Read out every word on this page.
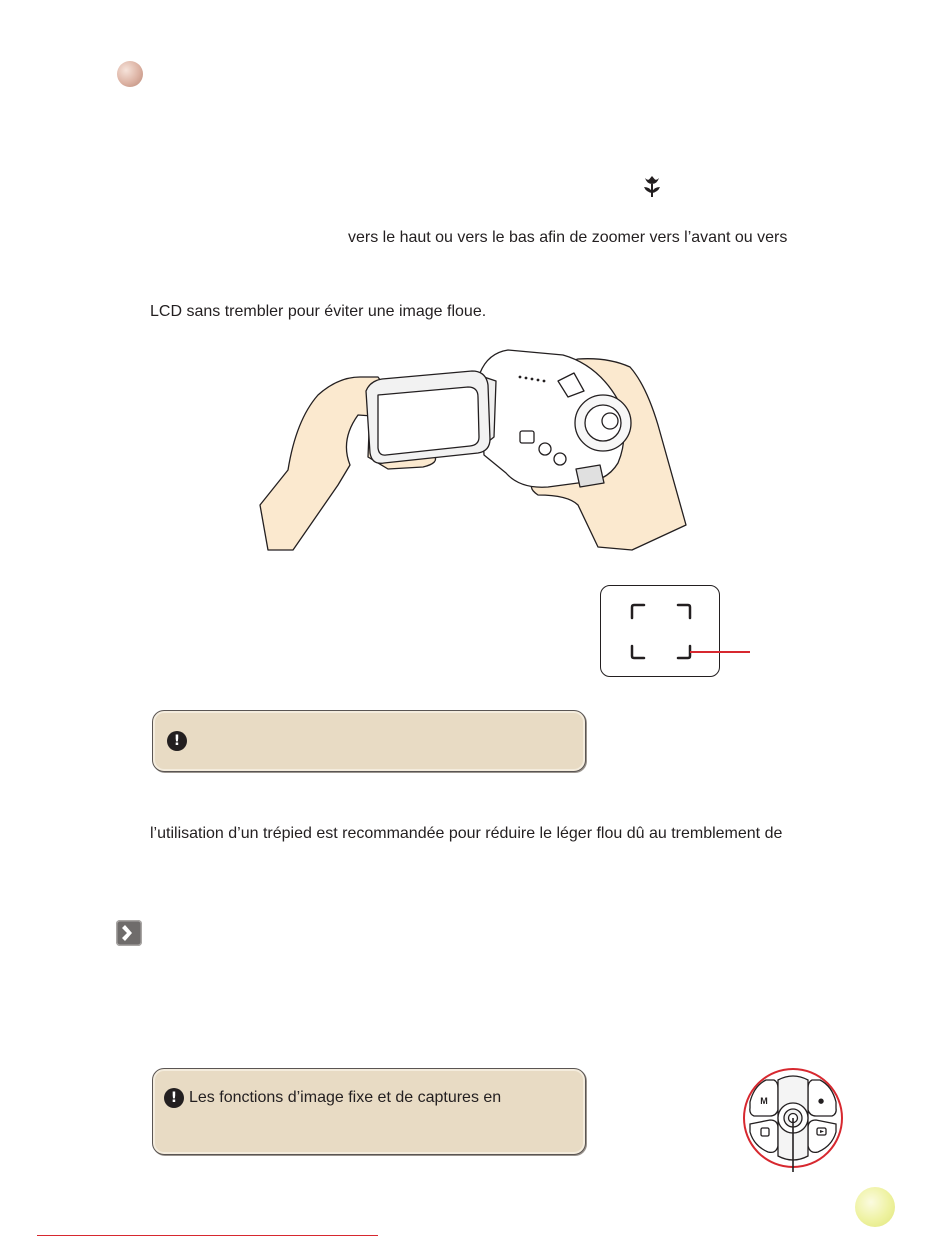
vers le haut ou vers le bas afin de zoomer vers l’avant ou vers
LCD sans trembler pour éviter une image floue.
!
l’utilisation d’un trépied est recommandée pour réduire le léger flou dû au tremblement de
! Les fonctions d’image fixe et de captures en	M	●
